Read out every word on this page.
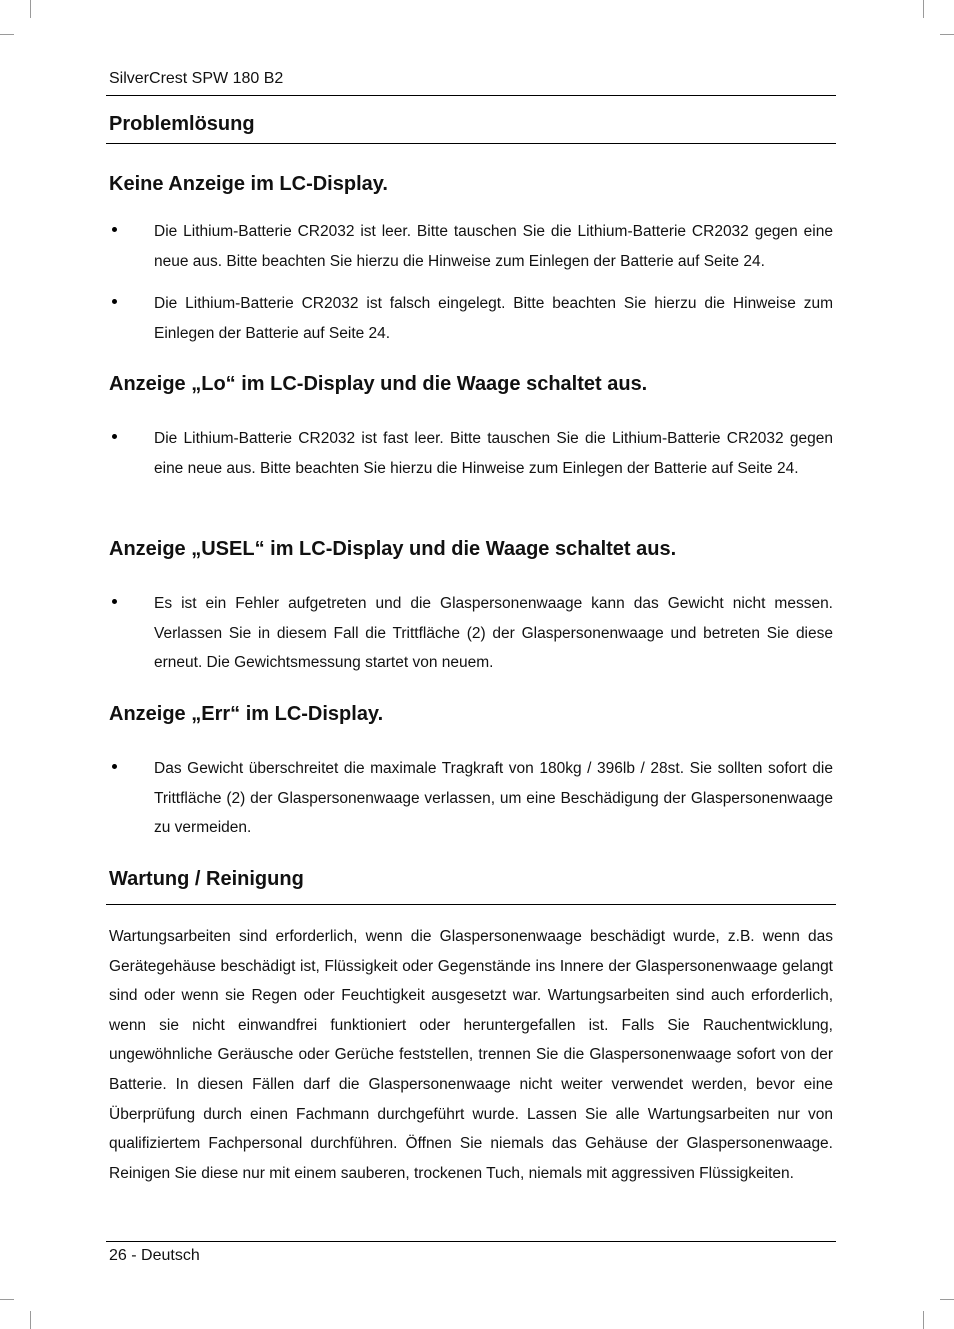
SilverCrest SPW 180 B2
Problemlösung
Keine Anzeige im LC-Display.
Die Lithium-Batterie CR2032 ist leer. Bitte tauschen Sie die Lithium-Batterie CR2032 gegen eine neue aus. Bitte beachten Sie hierzu die Hinweise zum Einlegen der Batterie auf Seite 24.
Die Lithium-Batterie CR2032 ist falsch eingelegt. Bitte beachten Sie hierzu die Hinweise zum Einlegen der Batterie auf Seite 24.
Anzeige „Lo“ im LC-Display und die Waage schaltet aus.
Die Lithium-Batterie CR2032 ist fast leer. Bitte tauschen Sie die Lithium-Batterie CR2032 gegen eine neue aus. Bitte beachten Sie hierzu die Hinweise zum Einlegen der Batterie auf Seite 24.
Anzeige „USEL“ im LC-Display und die Waage schaltet aus.
Es ist ein Fehler aufgetreten und die Glaspersonenwaage kann das Gewicht nicht messen. Verlassen Sie in diesem Fall die Trittfläche (2) der Glaspersonenwaage und betreten Sie diese erneut. Die Gewichtsmessung startet von neuem.
Anzeige „Err“ im LC-Display.
Das Gewicht überschreitet die maximale Tragkraft von 180kg / 396lb / 28st. Sie sollten sofort die Trittfläche (2) der Glaspersonenwaage verlassen, um eine Beschädigung der Glaspersonenwaage zu vermeiden.
Wartung / Reinigung
Wartungsarbeiten sind erforderlich, wenn die Glaspersonenwaage beschädigt wurde, z.B. wenn das Gerätegehäuse beschädigt ist, Flüssigkeit oder Gegenstände ins Innere der Glaspersonenwaage gelangt sind oder wenn sie Regen oder Feuchtigkeit ausgesetzt war. Wartungsarbeiten sind auch erforderlich, wenn sie nicht einwandfrei funktioniert oder heruntergefallen ist. Falls Sie Rauchentwicklung, ungewöhnliche Geräusche oder Gerüche feststellen, trennen Sie die Glaspersonenwaage sofort von der Batterie. In diesen Fällen darf die Glaspersonenwaage nicht weiter verwendet werden, bevor eine Überprüfung durch einen Fachmann durchgeführt wurde. Lassen Sie alle Wartungsarbeiten nur von qualifiziertem Fachpersonal durchführen. Öffnen Sie niemals das Gehäuse der Glaspersonenwaage. Reinigen Sie diese nur mit einem sauberen, trockenen Tuch, niemals mit aggressiven Flüssigkeiten.
26 - Deutsch
